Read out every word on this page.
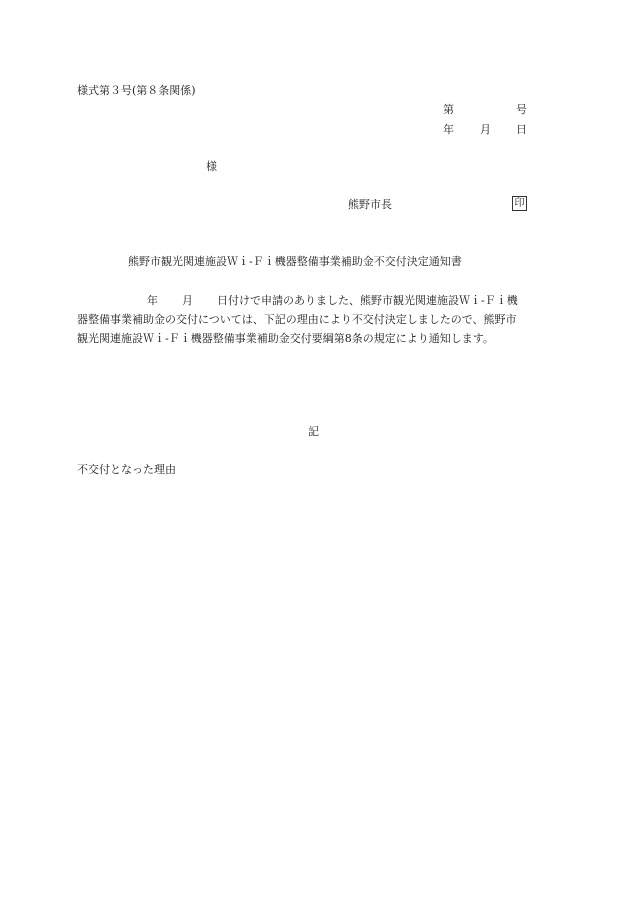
様式第３号(第８条関係)
第	号
年 月 日
様
熊野市長	印
熊野市観光関連施設Ｗｉ‐Ｆｉ機器整備事業補助金不交付決定通知書
年 月 日付けで申請のありました、熊野市観光関連施設Ｗｉ‐Ｆｉ機
器整備事業補助金の交付については、下記の理由により不交付決定しましたので、熊野市
観光関連施設Ｗｉ‐Ｆｉ機器整備事業補助金交付要綱第8条の規定により通知します。
記
不交付となった理由
